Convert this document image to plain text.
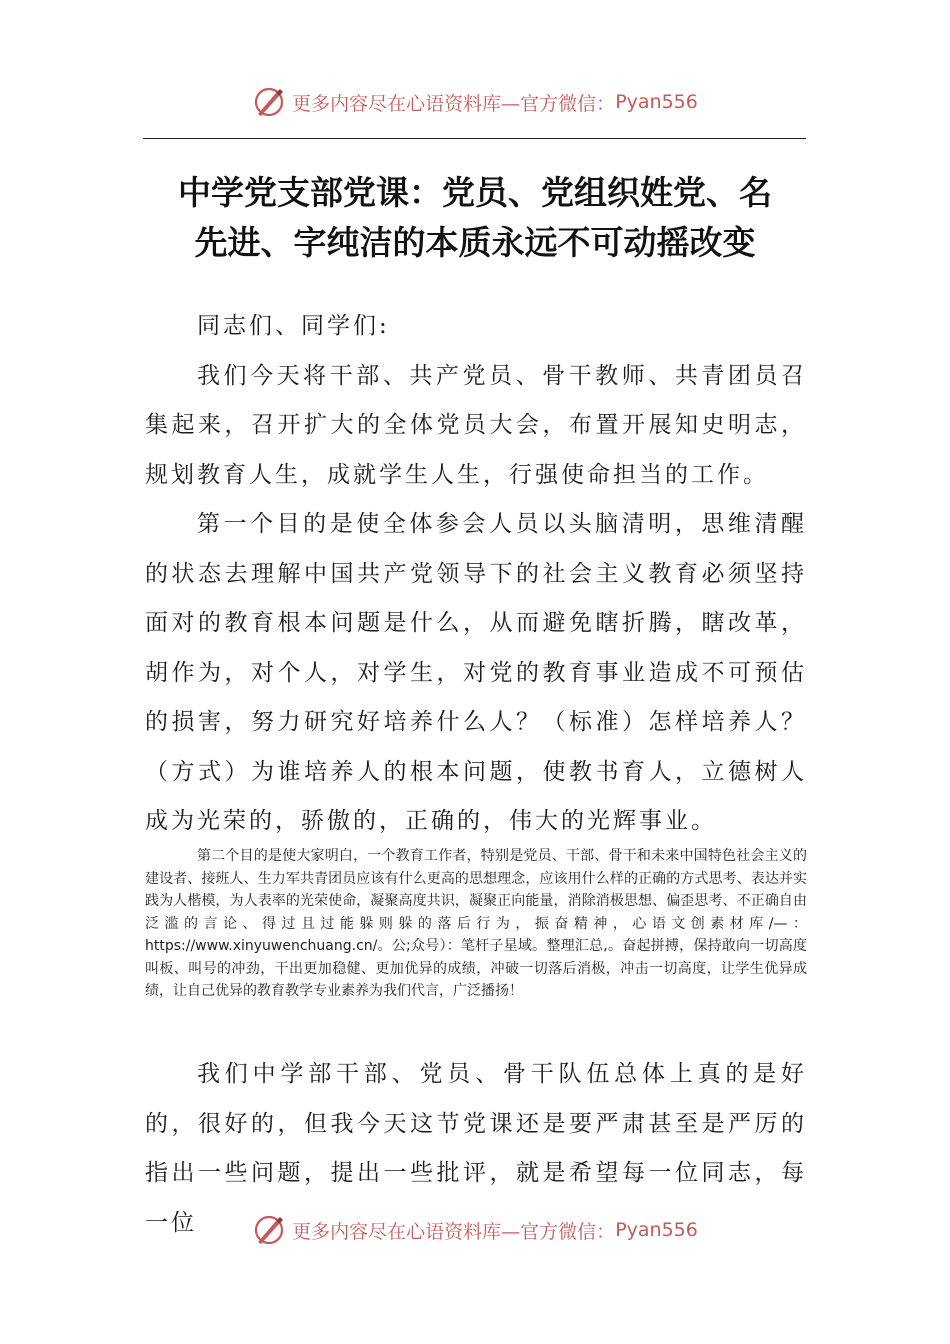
更多内容尽在心语资料库— 官方微信： Pyan556
中学党支部党课：党员、党组织姓党、名
先进、字纯洁的本质永远不可动摇改变

同志们、同学们:

我们今天将干部、共产党员、骨干教师、共青团员召集起来，召开扩大的全体党员大会，布置开展知史明志，规划教育人生，成就学生人生，行强使命担当的工作。

第一个目的是使全体参会人员以头脑清明，思维清醒的状态去理解中国共产党领导下的社会主义教育必须坚持面对的教育根本问题是什么，从而避免瞎折腾，瞎改革，胡作为，对个人，对学生，对党的教育事业造成不可预估的损害，努力研究好培养什么人？（标准）怎样培养人？（方式）为谁培养人的根本问题，使教书育人，立德树人成为光荣的，骄傲的，正确的，伟大的光辉事业。

第二个目的是使大家明白，一个教育工作者，特别是党员、干部、骨干和未来中国特色社会主义的建设者、接班人、生力军共青团员应该有什么更高的思想理念，应该用什么样的正确的方式思考、表达并实践为人楷模，为人表率的光荣使命，凝聚高度共识，凝聚正向能量，消除消极思想、偏歪思考、不正确自由泛滥的言论、得过且过能躲则躲的落后行为，振奋精神，心语文创素材库/—：https://www.xinyuwenchuang.cn/。公;众号）：笔杆子星域。整理汇总,。奋起拼搏，保持敢向一切高度叫板、叫号的冲劲，干出更加稳健、更加优异的成绩，冲破一切落后消极，冲击一切高度，让学生优异成绩，让自己优异的教育教学专业素养为我们代言，广泛播扬！

我们中学部干部、党员、骨干队伍总体上真的是好的，很好的，但我今天这节党课还是要严肃甚至是严厉的指出一些问题，提出一些批评，就是希望每一位同志，每一位	更多内容尽在心语资料库— 官方微信： Pyan556
